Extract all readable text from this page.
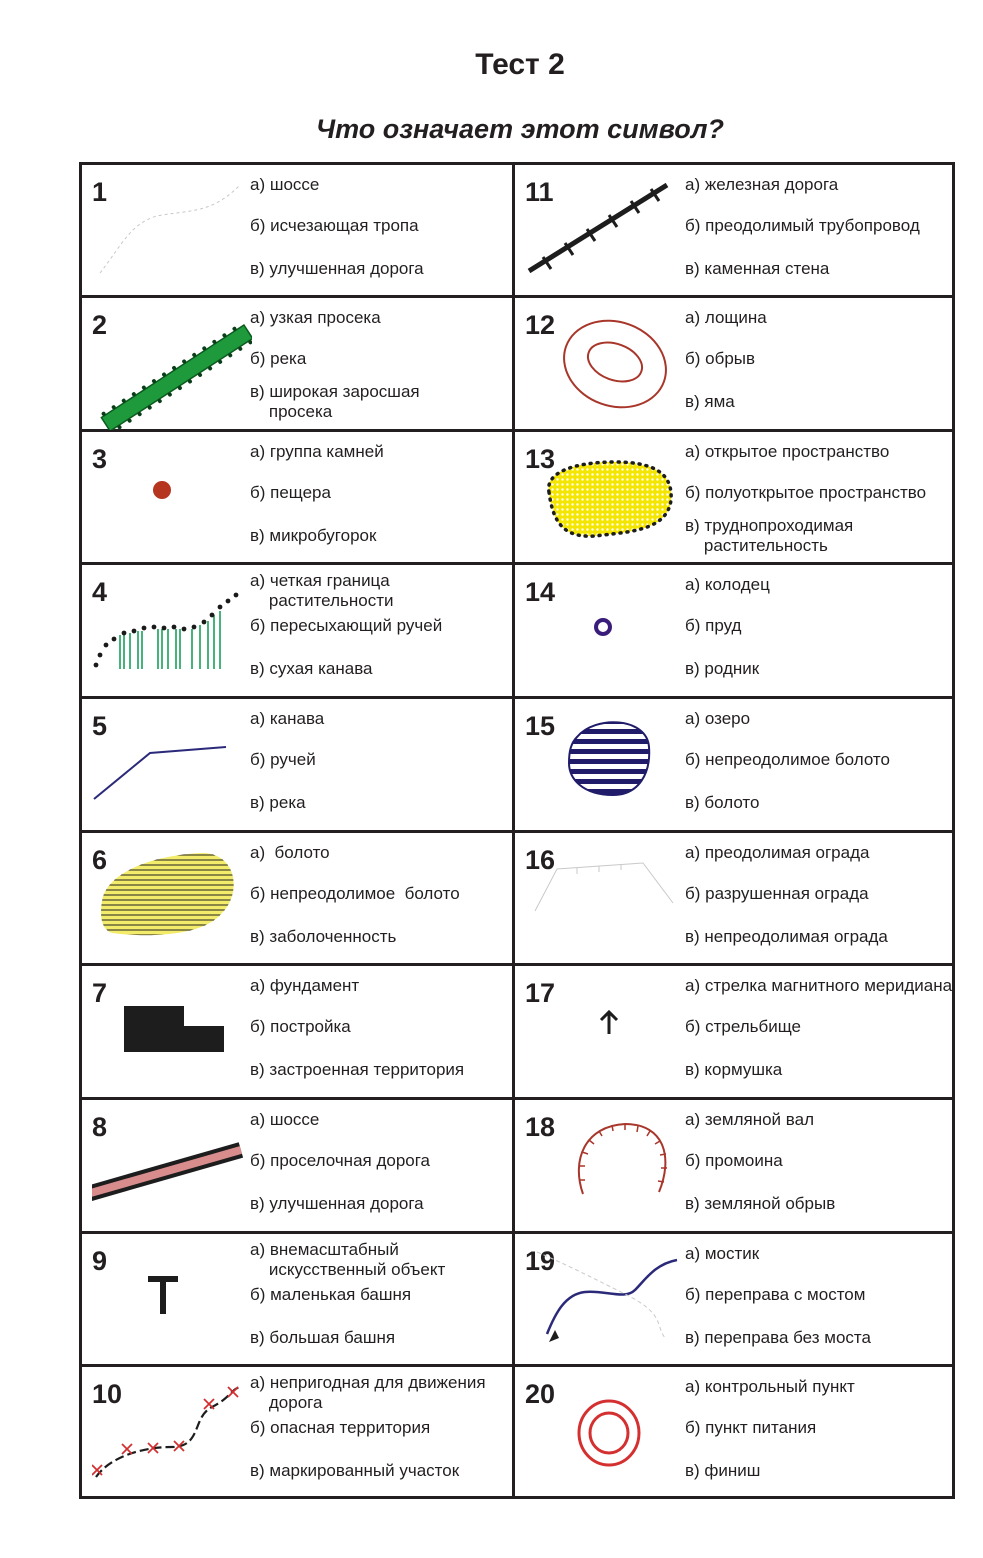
Тест 2
Что означает этот символ?
1	а) шоссе
б) исчезающая тропа
в) улучшенная дорога
2	а) узкая просека
б) река
в) широкая заросшая
просека
3	а) группа камней
б) пещера
в) микробугорок
4	а) четкая граница
растительности
б) пересыхающий ручей
в) сухая канава
5	а) канава
б) ручей
в) река
6	а)  болото
б) непреодолимое  болото
в) заболоченность
7	а) фундамент
б) постройка
в) застроенная территория
8	а) шоссе
б) проселочная дорога
в) улучшенная дорога
9	а) внемасштабный
искусственный объект
б) маленькая башня
в) большая башня
10	а) непригодная для движения
дорога
б) опасная территория
в) маркированный участок
11	а) железная дорога
б) преодолимый трубопровод
в) каменная стена
12	а) лощина
б) обрыв
в) яма
13	а) открытое пространство
б) полуоткрытое пространство
в) труднопроходимая
растительность
14	а) колодец
б) пруд
в) родник
15	а) озеро
б) непреодолимое болото
в) болото
16	а) преодолимая ограда
б) разрушенная ограда
в) непреодолимая ограда
17	а) стрелка магнитного меридиана
б) стрельбище
в) кормушка
18	а) земляной вал
б) промоина
в) земляной обрыв
19	а) мостик
б) переправа с мостом
в) переправа без моста
20	а) контрольный пункт
б) пункт питания
в) финиш
